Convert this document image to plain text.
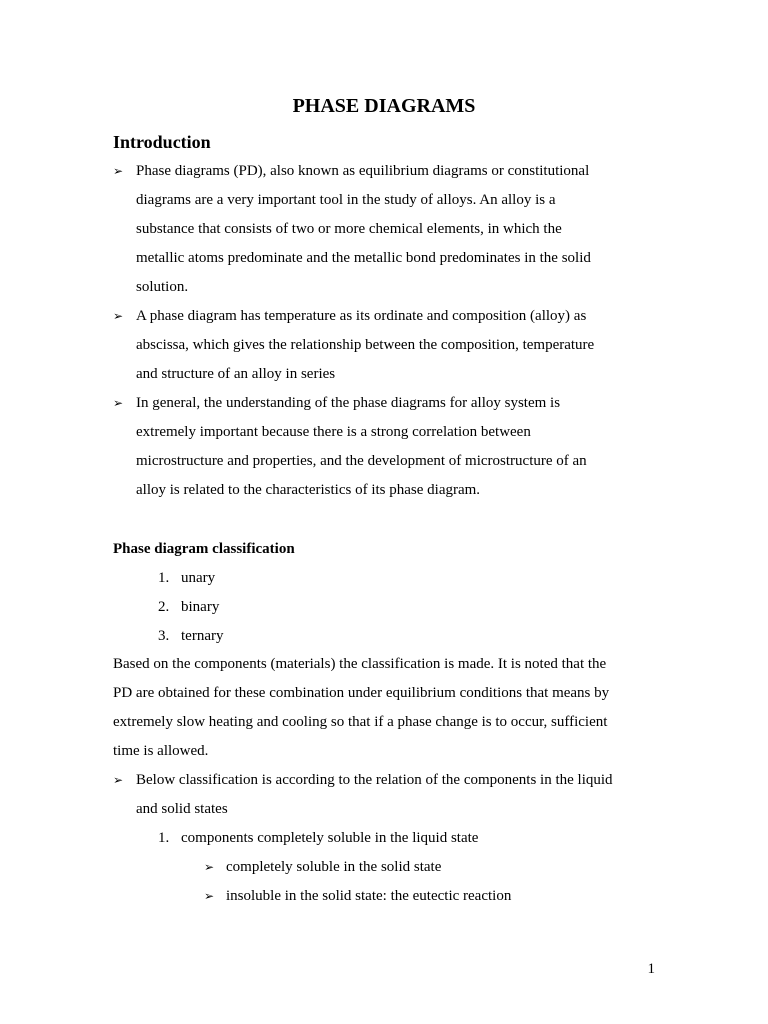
PHASE DIAGRAMS
Introduction
➢ Phase diagrams (PD), also known as equilibrium diagrams or constitutional
diagrams are a very important tool in the study of alloys. An alloy is a
substance that consists of two or more chemical elements, in which the
metallic atoms predominate and the metallic bond predominates in the solid
solution.
➢ A phase diagram has temperature as its ordinate and composition (alloy) as
abscissa, which gives the relationship between the composition, temperature
and structure of an alloy in series
➢ In general, the understanding of the phase diagrams for alloy system is
extremely important because there is a strong correlation between
microstructure and properties, and the development of microstructure of an
alloy is related to the characteristics of its phase diagram.
Phase diagram classification
1. unary
2. binary
3. ternary
Based on the components (materials) the classification is made. It is noted that the
PD are obtained for these combination under equilibrium conditions that means by
extremely slow heating and cooling so that if a phase change is to occur, sufficient
time is allowed.
➢ Below classification is according to the relation of the components in the liquid
and solid states
1. components completely soluble in the liquid state
➢ completely soluble in the solid state
➢ insoluble in the solid state: the eutectic reaction
1
